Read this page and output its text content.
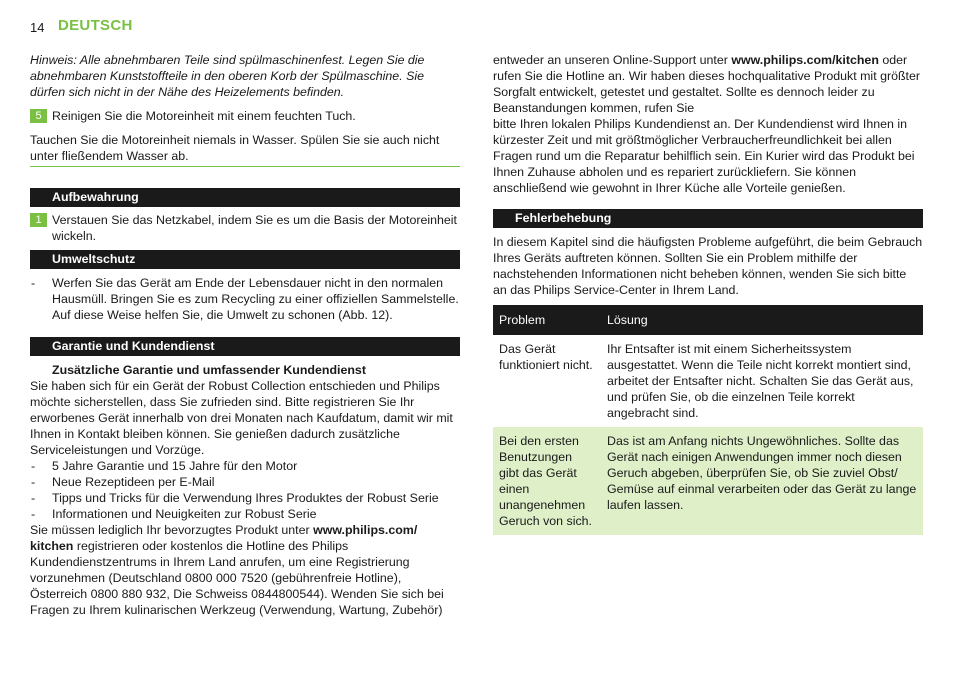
14 DEUTSCH

Hinweis: Alle abnehmbaren Teile sind spülmaschinenfest. Legen Sie die abnehmbaren Kunststoffteile in den oberen Korb der Spülmaschine. Sie dürfen sich nicht in der Nähe des Heizelements befinden.

5 Reinigen Sie die Motoreinheit mit einem feuchten Tuch.

Tauchen Sie die Motoreinheit niemals in Wasser. Spülen Sie sie auch nicht unter fließendem Wasser ab.

Aufbewahrung
1 Verstauen Sie das Netzkabel, indem Sie es um die Basis der Motoreinheit wickeln.
Umweltschutz

- Werfen Sie das Gerät am Ende der Lebensdauer nicht in den normalen Hausmüll. Bringen Sie es zum Recycling zu einer offiziellen Sammelstelle. Auf diese Weise helfen Sie, die Umwelt zu schonen (Abb. 12).

Garantie und Kundendienst

Zusätzliche Garantie und umfassender Kundendienst

Sie haben sich für ein Gerät der Robust Collection entschieden und Philips möchte sicherstellen, dass Sie zufrieden sind. Bitte registrieren Sie Ihr erworbenes Gerät innerhalb von drei Monaten nach Kaufdatum, damit wir mit Ihnen in Kontakt bleiben können. Sie genießen dadurch zusätzliche Serviceleistungen und Vorzüge.

- 5 Jahre Garantie und 15 Jahre für den Motor

- Neue Rezeptideen per E-Mail

- Tipps und Tricks für die Verwendung Ihres Produktes der Robust Serie

- Informationen und Neuigkeiten zur Robust Serie

Sie müssen lediglich Ihr bevorzugtes Produkt unter www.philips.com/ kitchen registrieren oder kostenlos die Hotline des Philips Kundendienstzentrums in Ihrem Land anrufen, um eine Registrierung vorzunehmen (Deutschland 0800 000 7520 (gebührenfreie Hotline), Österreich 0800 880 932, Die Schweiss 0844800544). Wenden Sie sich bei Fragen zu Ihrem kulinarischen Werkzeug (Verwendung, Wartung, Zubehör)

entweder an unseren Online-Support unter www.philips.com/kitchen oder rufen Sie die Hotline an. Wir haben dieses hochqualitative Produkt mit größter Sorgfalt entwickelt, getestet und gestaltet. Sollte es dennoch leider zu Beanstandungen kommen, rufen Sie

bitte Ihren lokalen Philips Kundendienst an. Der Kundendienst wird Ihnen in kürzester Zeit und mit größtmöglicher Verbraucherfreundlichkeit bei allen Fragen rund um die Reparatur behilflich sein. Ein Kurier wird das Produkt bei Ihnen Zuhause abholen und es repariert zurückliefern. Sie können anschließend wie gewohnt in Ihrer Küche alle Vorteile genießen.

Fehlerbehebung

In diesem Kapitel sind die häufigsten Probleme aufgeführt, die beim Gebrauch Ihres Geräts auftreten können. Sollten Sie ein Problem mithilfe der nachstehenden Informationen nicht beheben können, wenden Sie sich bitte an das Philips Service-Center in Ihrem Land.

Problem	Lösung
Das Gerät funktioniert nicht.	Ihr Entsafter ist mit einem Sicherheitssystem ausgestattet. Wenn die Teile nicht korrekt montiert sind, arbeitet der Entsafter nicht. Schalten Sie das Gerät aus, und prüfen Sie, ob die einzelnen Teile korrekt angebracht sind.
Bei den ersten Benutzungen gibt das Gerät einen unangenehmen Geruch von sich.	Das ist am Anfang nichts Ungewöhnliches. Sollte das Gerät nach einigen Anwendungen immer noch diesen Geruch abgeben, überprüfen Sie, ob Sie zuviel Obst/ Gemüse auf einmal verarbeiten oder das Gerät zu lange laufen lassen.
